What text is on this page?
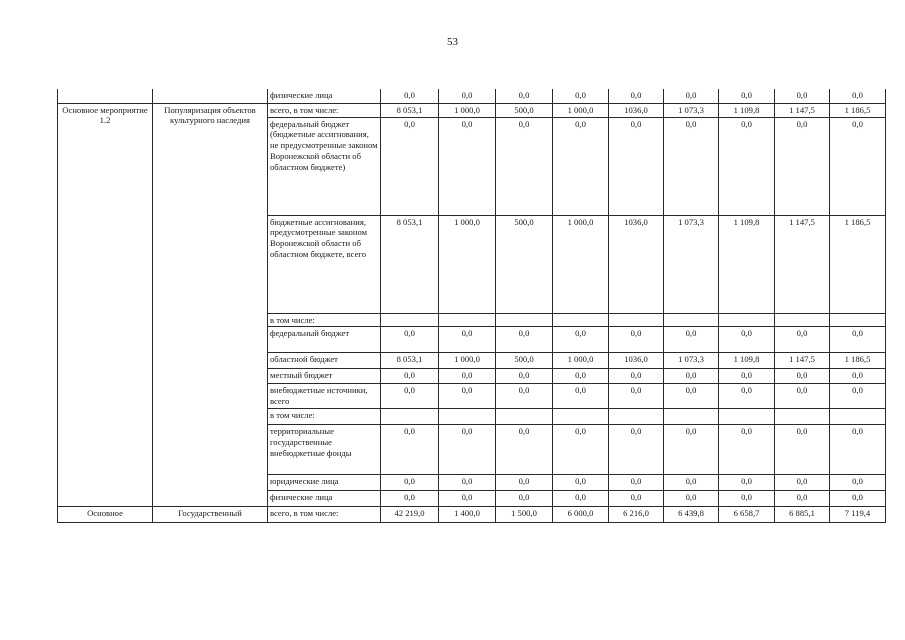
53
		физические лица	0,0	0,0	0,0	0,0	0,0	0,0	0,0	0,0	0,0
Основное мероприятие 1.2	Популяризация объектов культурного наследия	всего, в том числе:	8 053,1	1 000,0	500,0	1 000,0	1036,0	1 073,3	1 109,8	1 147,5	1 186,5
		федеральный бюджет (бюджетные ассигнования, не предусмотренные законом Воронежской области об областном бюджете)	0,0	0,0	0,0	0,0	0,0	0,0	0,0	0,0	0,0
		бюджетные ассигнования, предусмотренные законом Воронежской области об областном бюджете, всего	8 053,1	1 000,0	500,0	1 000,0	1036,0	1 073,3	1 109,8	1 147,5	1 186,5
		в том числе:									
		федеральный бюджет	0,0	0,0	0,0	0,0	0,0	0,0	0,0	0,0	0,0
		областной бюджет	8 053,1	1 000,0	500,0	1 000,0	1036,0	1 073,3	1 109,8	1 147,5	1 186,5
		местный бюджет	0,0	0,0	0,0	0,0	0,0	0,0	0,0	0,0	0,0
		внебюджетные источники, всего	0,0	0,0	0,0	0,0	0,0	0,0	0,0	0,0	0,0
		в том числе:									
		территориальные государственные внебюджетные фонды	0,0	0,0	0,0	0,0	0,0	0,0	0,0	0,0	0,0
		юридические лица	0,0	0,0	0,0	0,0	0,0	0,0	0,0	0,0	0,0
		физические лица	0,0	0,0	0,0	0,0	0,0	0,0	0,0	0,0	0,0
Основное	Государственный	всего, в том числе:	42 219,0	1 400,0	1 500,0	6 000,0	6 216,0	6 439,8	6 658,7	6 885,1	7 119,4
